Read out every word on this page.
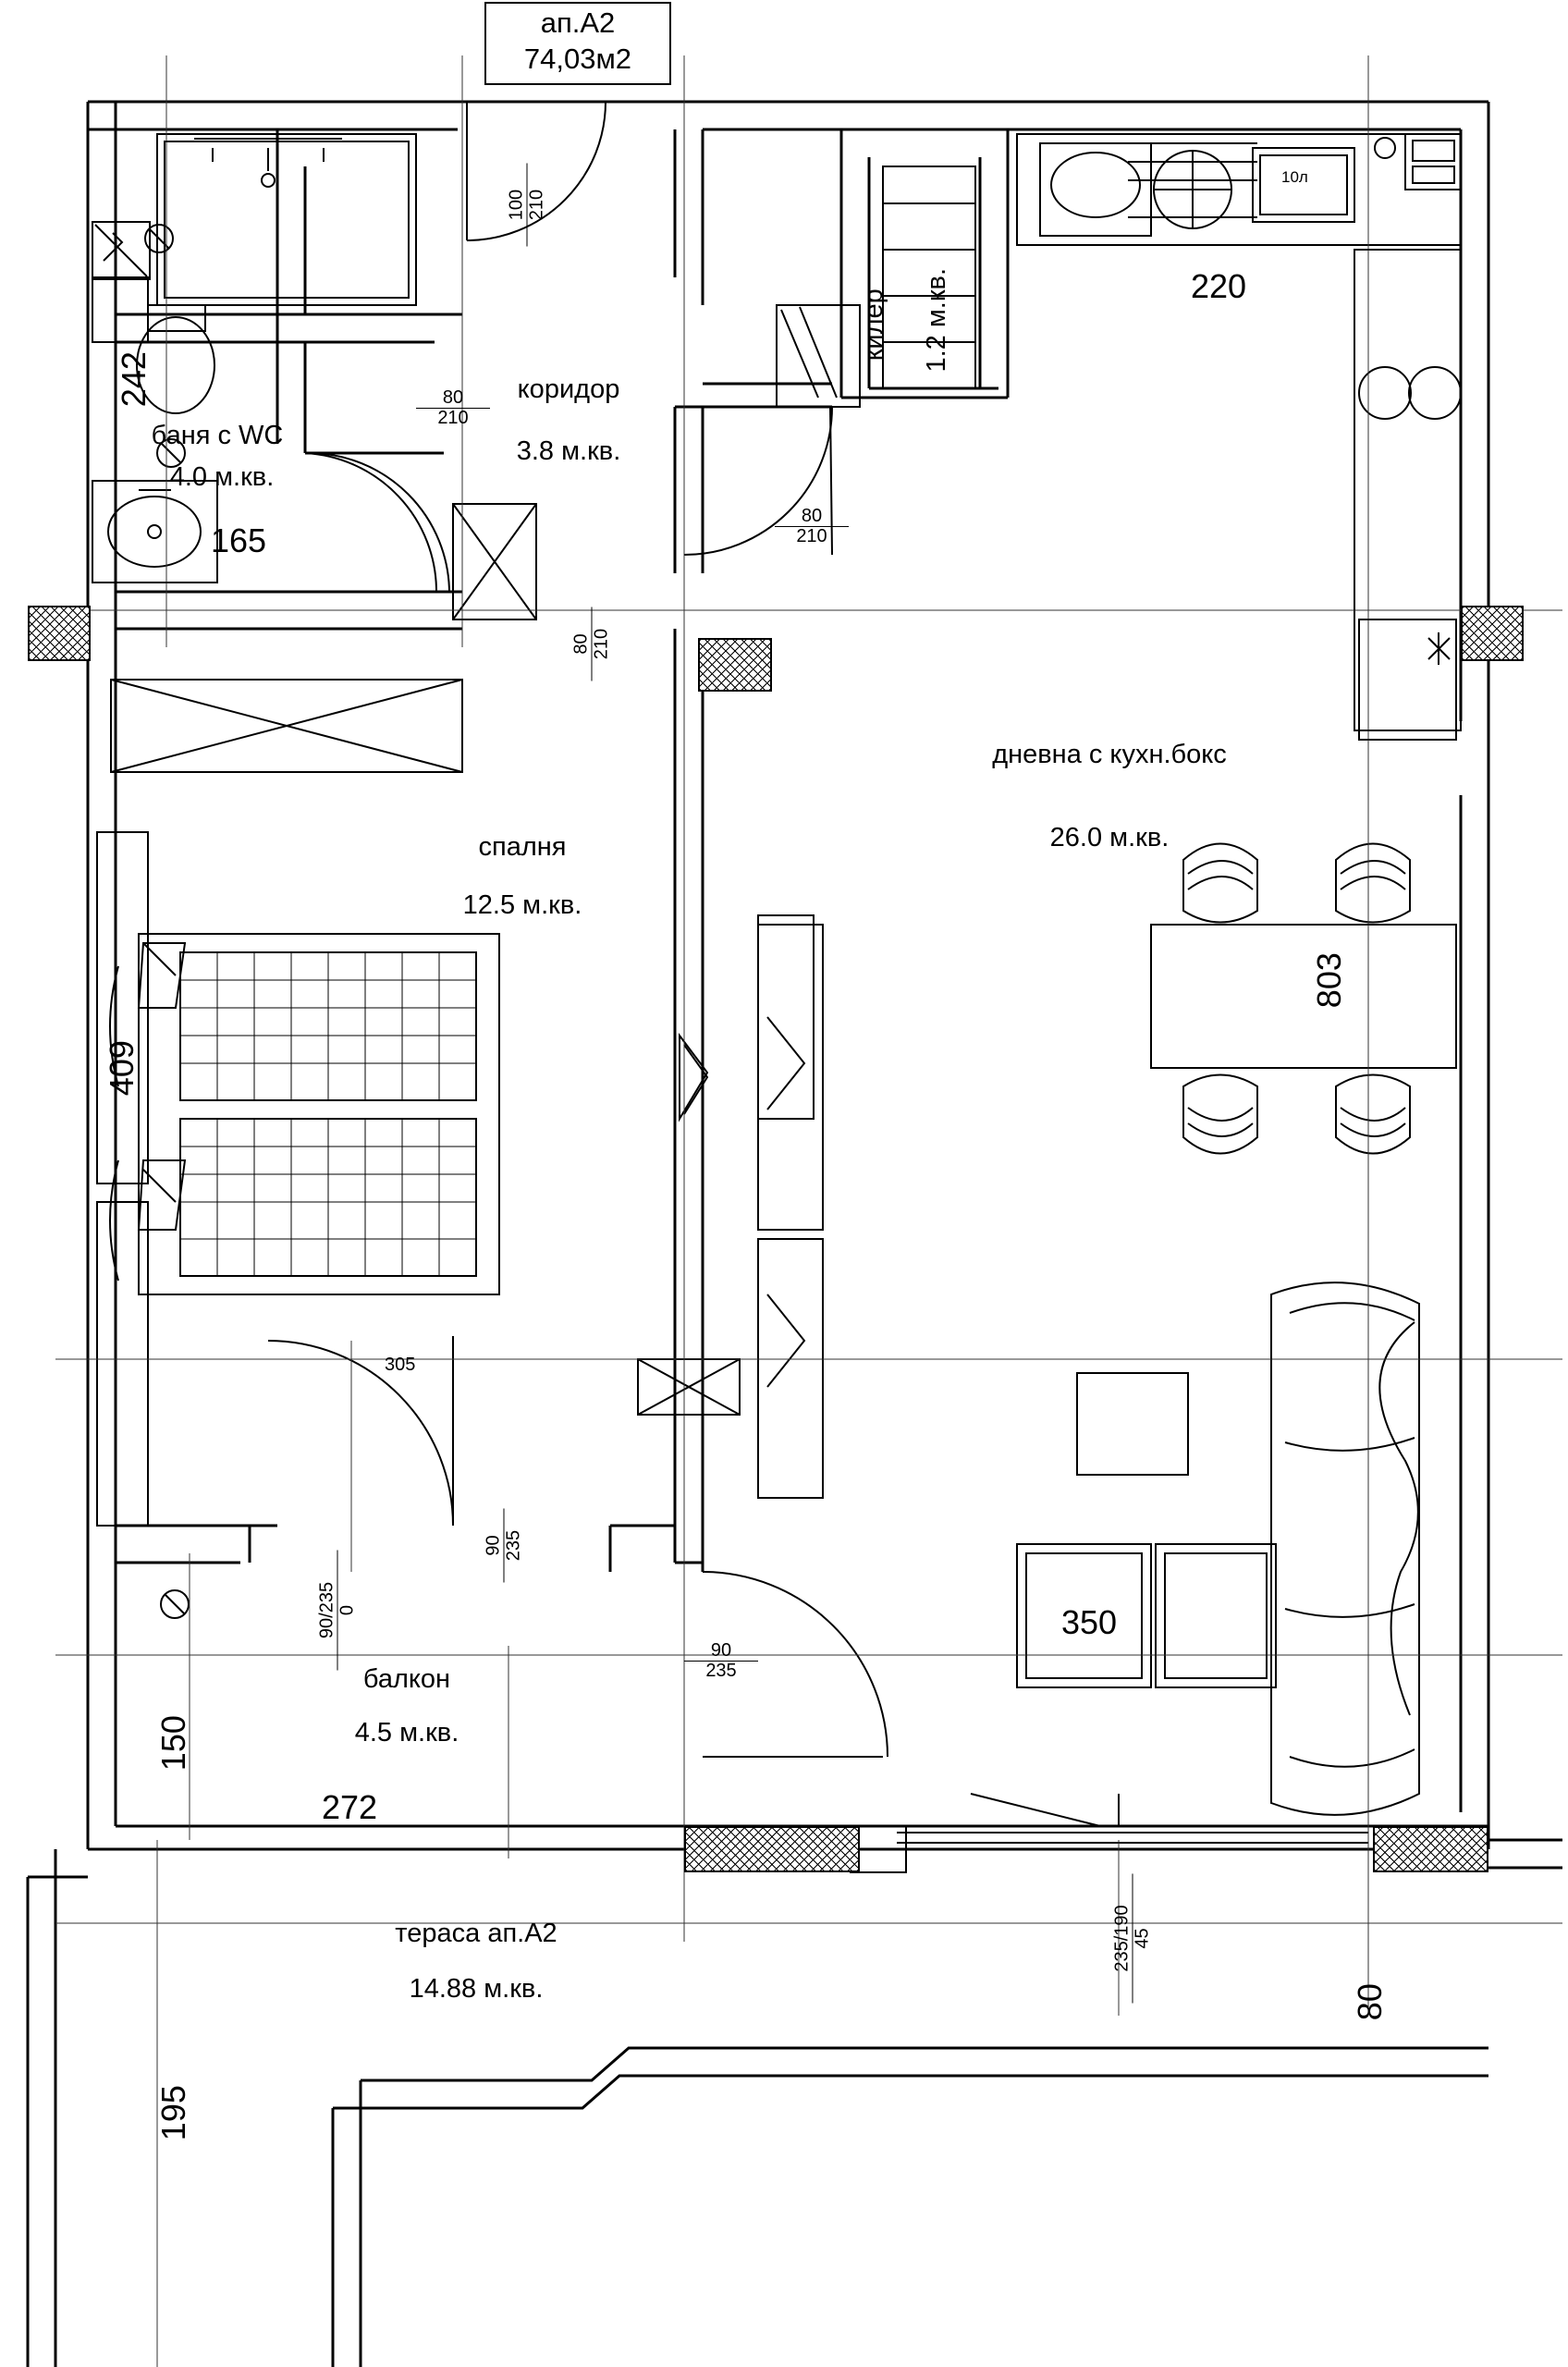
ап.A2
74,03м2
баня с WC
4.0 м.кв.
коридор
3.8 м.кв.
килер 1.2 м.кв.
дневна с кухн.бокс
26.0 м.кв.
спалня
12.5 м.кв.
балкон
4.5 м.кв.
тераса ап.A2
14.88 м.кв.
242
165
220
409
305
803
350
150
272
195
80
100 210
$\frac{80}{210}$
$\frac{80}{210}$
80 210
90 235
$\frac{90}{235}$
90/235 0
235/190 45
10л
